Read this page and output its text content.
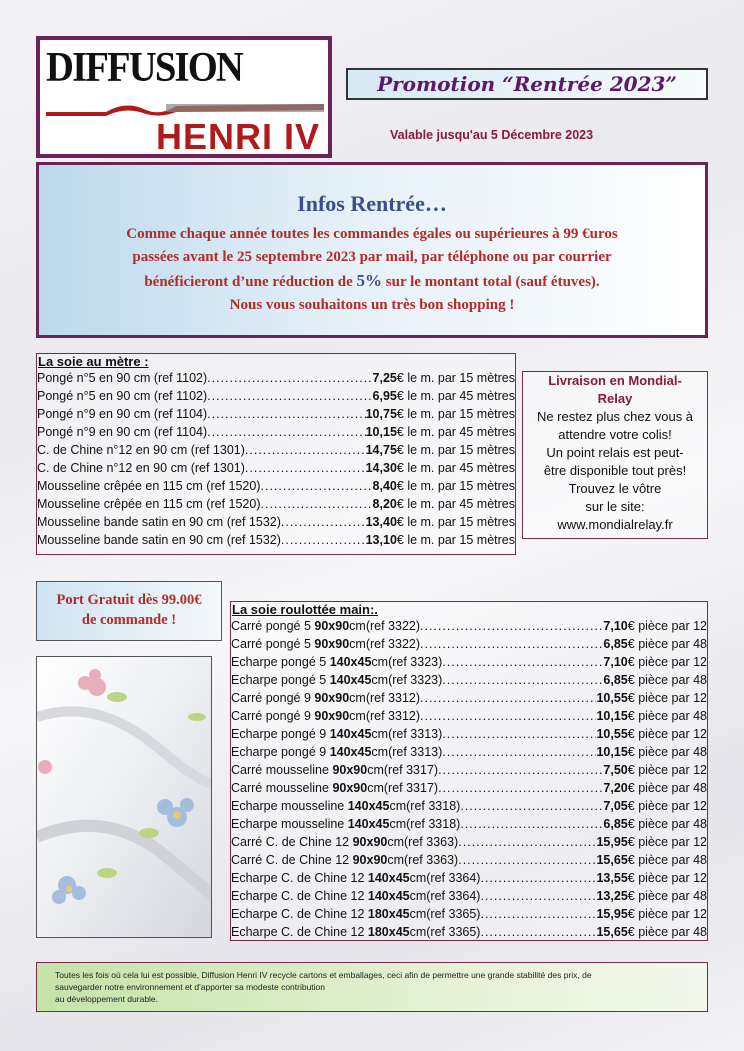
DIFFUSION
HENRI IV
Promotion “Rentrée 2023”
Valable jusqu'au 5 Décembre 2023
Infos Rentrée…
Comme chaque année toutes les commandes égales ou supérieures à 99 €uros
passées avant le 25 septembre 2023 par mail, par téléphone ou par courrier
bénéficieront d’une réduction de 5% sur le montant total (sauf étuves).
Nous vous souhaitons un très bon shopping !
La soie au mètre :
Pongé n°5 en 90 cm (ref 1102) .....	7,25 € le m. par 15 mètres
Pongé n°5 en 90 cm (ref 1102) .....	6,95 € le m. par 45 mètres
Pongé n°9 en 90 cm (ref 1104) .....	10,75 € le m. par 15 mètres
Pongé n°9 en 90 cm (ref 1104) .....	10,15 € le m. par 45 mètres
C. de Chine n°12 en 90 cm (ref 1301) .....	14,75 € le m. par 15 mètres
C. de Chine n°12 en 90 cm (ref 1301) .....	14,30 € le m. par 45 mètres
Mousseline crêpée en 115 cm (ref 1520) .....	8,40 € le m. par 15 mètres
Mousseline crêpée en 115 cm (ref 1520) .....	8,20 € le m. par 45 mètres
Mousseline bande satin en 90 cm (ref 1532) .....	13,40 € le m. par 15 mètres
Mousseline bande satin en 90 cm (ref 1532) .....	13,10 € le m. par 15 mètres
Livraison en Mondial-
Relay
Ne restez plus chez vous à
attendre votre colis!
Un point relais est peut-
être disponible tout près!
Trouvez le vôtre
sur le site:
www.mondialrelay.fr
Port Gratuit dès 99.00€
de commande !
La soie roulottée main:.
Carré pongé 5 90x90cm(ref 3322) .....	7,10 € pièce par 12
Carré pongé 5 90x90cm(ref 3322) .....	6,85 € pièce par 48
Echarpe pongé 5 140x45cm(ref 3323) .....	7,10 € pièce par 12
Echarpe pongé 5 140x45cm(ref 3323) .....	6,85 € pièce par 48
Carré pongé 9 90x90cm(ref 3312) .....	10,55 € pièce par 12
Carré pongé 9 90x90cm(ref 3312) .....	10,15 € pièce par 48
Echarpe pongé 9 140x45cm(ref 3313) .....	10,55 € pièce par 12
Echarpe pongé 9 140x45cm(ref 3313) .....	10,15 € pièce par 48
Carré mousseline 90x90cm(ref 3317) .....	7,50 € pièce par 12
Carré mousseline 90x90cm(ref 3317) .....	7,20 € pièce par 48
Echarpe mousseline 140x45cm(ref 3318) .....	7,05 € pièce par 12
Echarpe mousseline 140x45cm(ref 3318) .....	6,85 € pièce par 48
Carré C. de Chine 12 90x90cm(ref 3363) .....	15,95 € pièce par 12
Carré C. de Chine 12 90x90cm(ref 3363) .....	15,65 € pièce par 48
Echarpe C. de Chine 12 140x45cm(ref 3364) .....	13,55 € pièce par 12
Echarpe C. de Chine 12 140x45cm(ref 3364) .....	13,25 € pièce par 48
Echarpe C. de Chine 12 180x45cm(ref 3365) .....	15,95 € pièce par 12
Echarpe C. de Chine 12 180x45cm(ref 3365) .....	15,65 € pièce par 48
Toutes les fois où cela lui est possible, Diffusion Henri IV recycle cartons et emballages, ceci afin de permettre une grande stabilité des prix, de
sauvegarder notre environnement et d'apporter sa modeste contribution
au développement durable.
